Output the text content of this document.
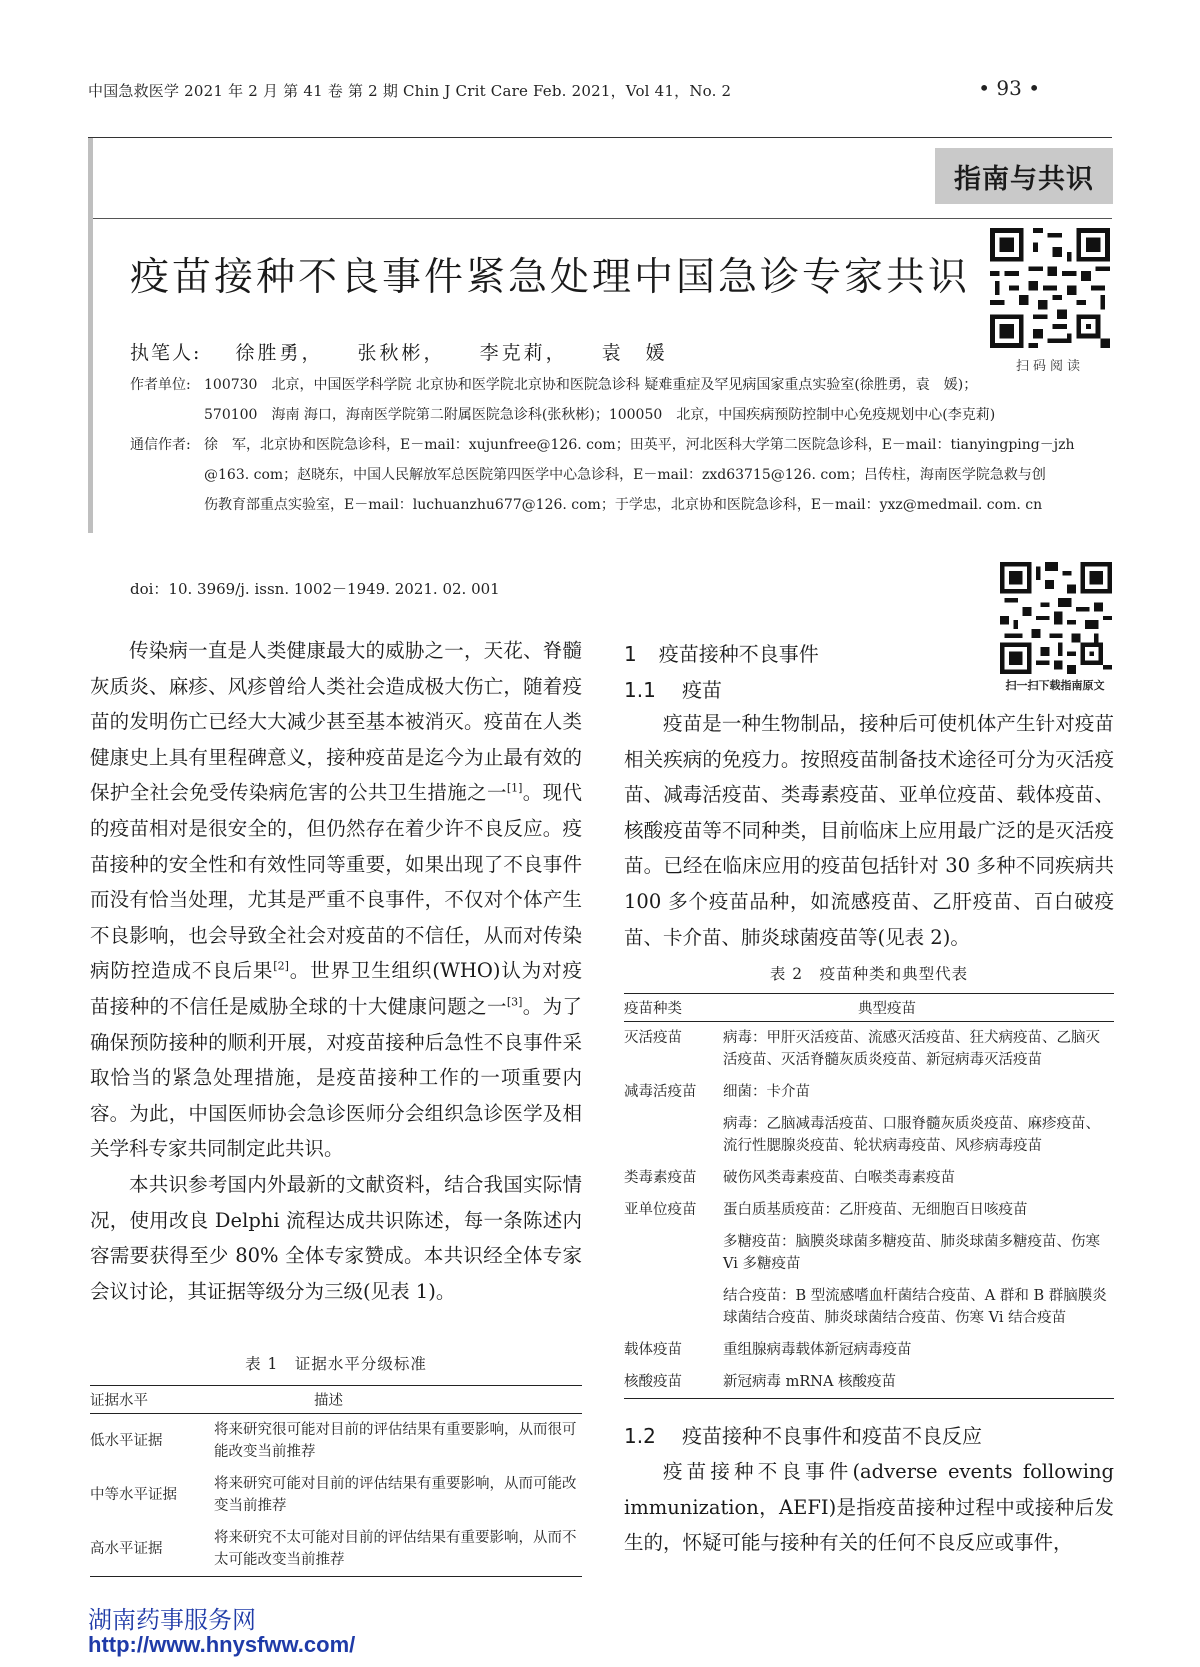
中国急救医学 2021 年 2 月 第 41 卷 第 2 期 Chin J Crit Care Feb. 2021，Vol 41，No. 2	• 93 •
指南与共识
疫苗接种不良事件紧急处理中国急诊专家共识
执笔人: 徐胜勇， 张秋彬， 李克莉， 袁　媛
扫码阅读
扫一扫下载指南原文
作者单位: 100730　北京，中国医学科学院 北京协和医学院北京协和医院急诊科 疑难重症及罕见病国家重点实验室(徐胜勇，袁　媛)；
570100　海南 海口，海南医学院第二附属医院急诊科(张秋彬)；100050　北京，中国疾病预防控制中心免疫规划中心(李克莉)
通信作者: 徐　军，北京协和医院急诊科，E－mail：xujunfree@126. com；田英平，河北医科大学第二医院急诊科，E－mail：tianyingping－jzh
@163. com；赵晓东，中国人民解放军总医院第四医学中心急诊科，E－mail：zxd63715@126. com；吕传柱，海南医学院急救与创
伤教育部重点实验室，E－mail：luchuanzhu677@126. com；于学忠，北京协和医院急诊科，E－mail：yxz@medmail. com. cn
doi：10. 3969/j. issn. 1002－1949. 2021. 02. 001

传染病一直是人类健康最大的威胁之一，天花、脊髓灰质炎、麻疹、风疹曾给人类社会造成极大伤亡，随着疫苗的发明伤亡已经大大减少甚至基本被消灭。疫苗在人类健康史上具有里程碑意义，接种疫苗是迄今为止最有效的保护全社会免受传染病危害的公共卫生措施之一[1]。现代的疫苗相对是很安全的，但仍然存在着少许不良反应。疫苗接种的安全性和有效性同等重要，如果出现了不良事件而没有恰当处理，尤其是严重不良事件，不仅对个体产生不良影响，也会导致全社会对疫苗的不信任，从而对传染病防控造成不良后果[2]。世界卫生组织(WHO)认为对疫苗接种的不信任是威胁全球的十大健康问题之一[3]。为了确保预防接种的顺利开展，对疫苗接种后急性不良事件采取恰当的紧急处理措施，是疫苗接种工作的一项重要内容。为此，中国医师协会急诊医师分会组织急诊医学及相关学科专家共同制定此共识。

本共识参考国内外最新的文献资料，结合我国实际情况，使用改良 Delphi 流程达成共识陈述，每一条陈述内容需要获得至少 80% 全体专家赞成。本共识经全体专家会议讨论，其证据等级分为三级(见表 1)。

表 1　证据水平分级标准
证据水平	描述
低水平证据	将来研究很可能对目前的评估结果有重要影响，从而很可能改变当前推荐
中等水平证据	将来研究可能对目前的评估结果有重要影响，从而可能改变当前推荐
高水平证据	将来研究不太可能对目前的评估结果有重要影响，从而不太可能改变当前推荐
1 疫苗接种不良事件
1.1 疫苗

疫苗是一种生物制品，接种后可使机体产生针对疫苗相关疾病的免疫力。按照疫苗制备技术途径可分为灭活疫苗、减毒活疫苗、类毒素疫苗、亚单位疫苗、载体疫苗、核酸疫苗等不同种类，目前临床上应用最广泛的是灭活疫苗。已经在临床应用的疫苗包括针对 30 多种不同疾病共 100 多个疫苗品种，如流感疫苗、乙肝疫苗、百白破疫苗、卡介苗、肺炎球菌疫苗等(见表 2)。

表 2　疫苗种类和典型代表
疫苗种类	典型疫苗
灭活疫苗	病毒：甲肝灭活疫苗、流感灭活疫苗、狂犬病疫苗、乙脑灭活疫苗、灭活脊髓灰质炎疫苗、新冠病毒灭活疫苗
减毒活疫苗	细菌：卡介苗
	病毒：乙脑减毒活疫苗、口服脊髓灰质炎疫苗、麻疹疫苗、流行性腮腺炎疫苗、轮状病毒疫苗、风疹病毒疫苗
类毒素疫苗	破伤风类毒素疫苗、白喉类毒素疫苗
亚单位疫苗	蛋白质基质疫苗：乙肝疫苗、无细胞百日咳疫苗
	多糖疫苗：脑膜炎球菌多糖疫苗、肺炎球菌多糖疫苗、伤寒 Vi 多糖疫苗
	结合疫苗：B 型流感嗜血杆菌结合疫苗、A 群和 B 群脑膜炎球菌结合疫苗、肺炎球菌结合疫苗、伤寒 Vi 结合疫苗
载体疫苗	重组腺病毒载体新冠病毒疫苗
核酸疫苗	新冠病毒 mRNA 核酸疫苗
1.2 疫苗接种不良事件和疫苗不良反应

疫苗接种不良事件(adverse events following immunization，AEFI)是指疫苗接种过程中或接种后发生的，怀疑可能与接种有关的任何不良反应或事件，

湖南药事服务网
http://www.hnysfww.com/
